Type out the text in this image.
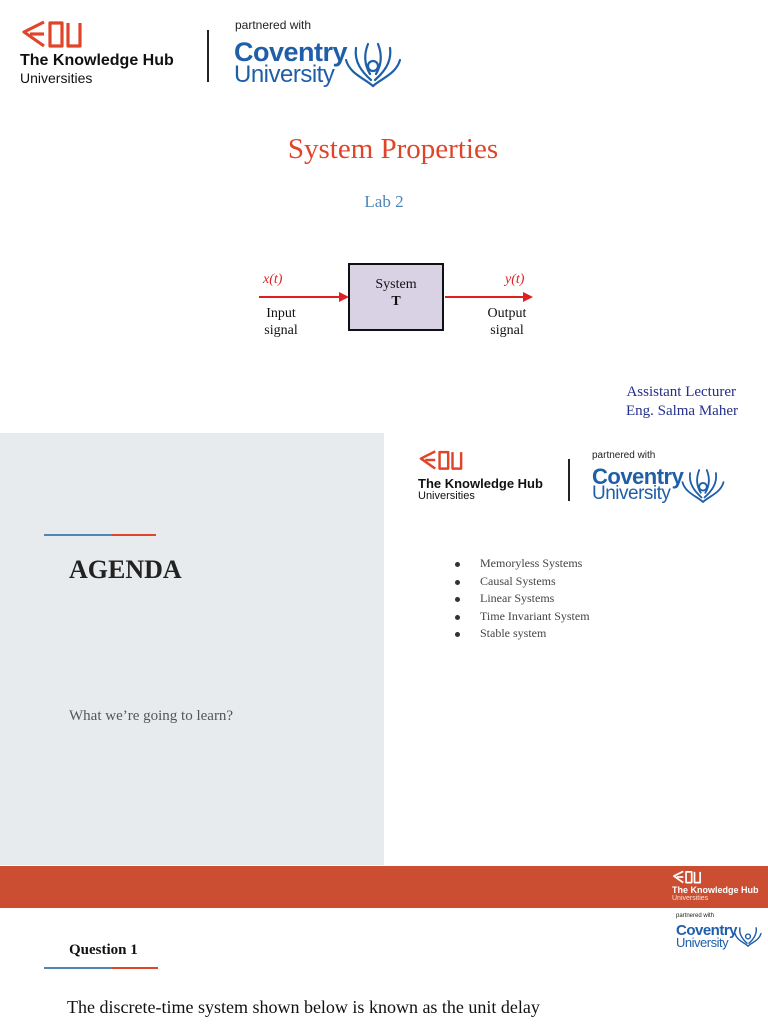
The Knowledge Hub
Universities
partnered with
Coventry
University
System Properties
Lab 2
System
T
x(t)	y(t)
Input
signal
Output
signal
Assistant Lecturer
Eng. Salma Maher
AGENDA
What we’re going to learn?
The Knowledge Hub
Universities
partnered with
Coventry
University
Memoryless Systems
Causal Systems
Linear Systems
Time Invariant System
Stable system
The Knowledge Hub
Universities
partnered with
Coventry
University
Question 1
The discrete-time system shown below is known as the unit delay
